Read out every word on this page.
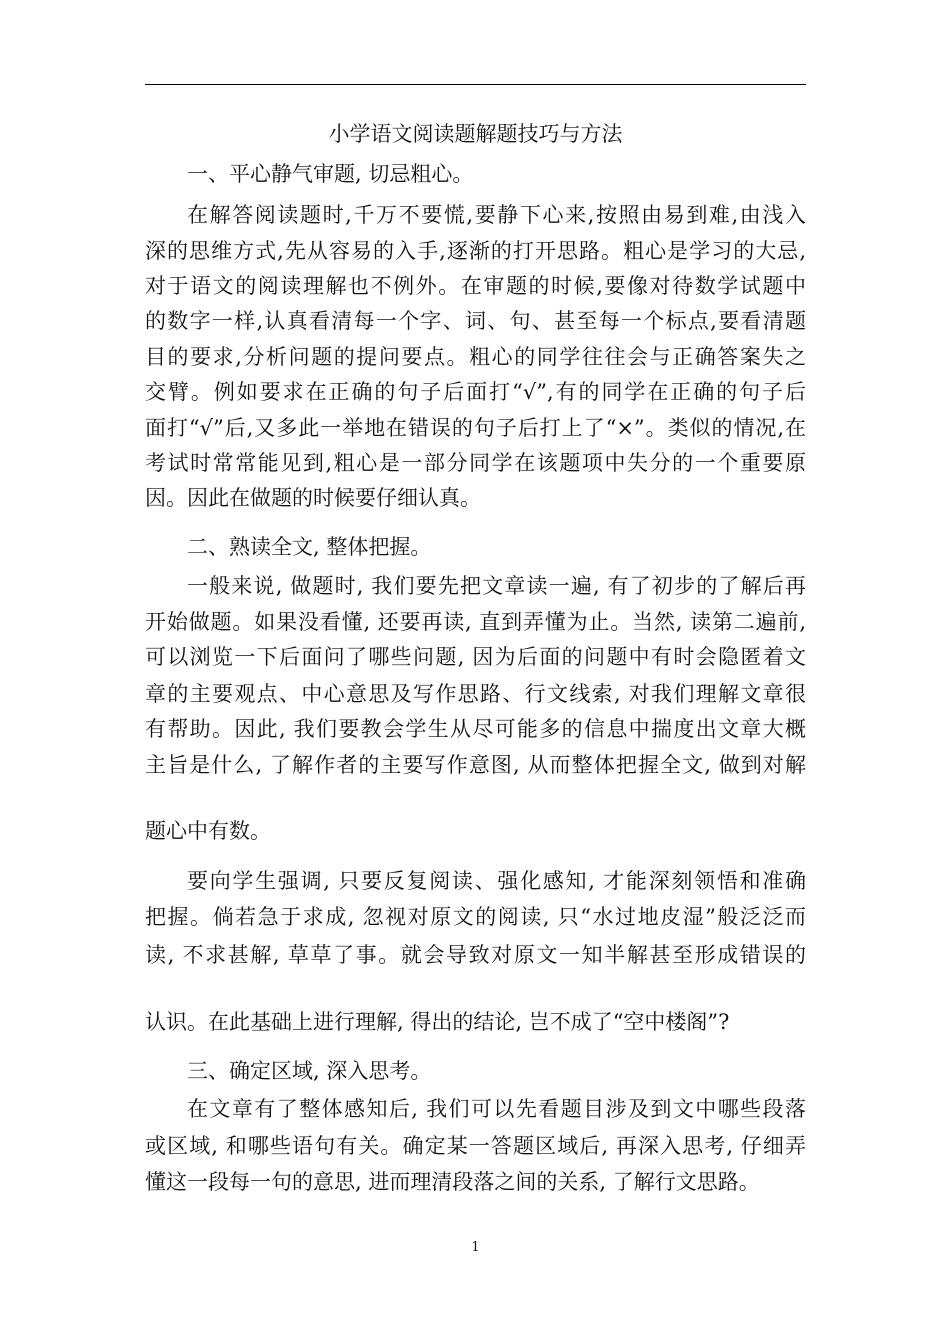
小学语文阅读题解题技巧与方法
一、平心静气审题, 切忌粗心。
在解答阅读题时,千万不要慌,要静下心来,按照由易到难,由浅入
深的思维方式,先从容易的入手,逐渐的打开思路。粗心是学习的大忌,
对于语文的阅读理解也不例外。在审题的时候,要像对待数学试题中
的数字一样,认真看清每一个字、词、句、甚至每一个标点,要看清题
目的要求,分析问题的提问要点。粗心的同学往往会与正确答案失之
交臂。例如要求在正确的句子后面打“√”,有的同学在正确的句子后
面打“√”后,又多此一举地在错误的句子后打上了“×”。类似的情况,在
考试时常常能见到,粗心是一部分同学在该题项中失分的一个重要原
因。因此在做题的时候要仔细认真。
二、熟读全文, 整体把握。
一般来说, 做题时, 我们要先把文章读一遍, 有了初步的了解后再
开始做题。如果没看懂, 还要再读, 直到弄懂为止。当然, 读第二遍前,
可以浏览一下后面问了哪些问题, 因为后面的问题中有时会隐匿着文
章的主要观点、中心意思及写作思路、行文线索, 对我们理解文章很
有帮助。因此, 我们要教会学生从尽可能多的信息中揣度出文章大概
主旨是什么, 了解作者的主要写作意图, 从而整体把握全文, 做到对解
题心中有数。
要向学生强调, 只要反复阅读、强化感知, 才能深刻领悟和准确
把握。倘若急于求成, 忽视对原文的阅读, 只“水过地皮湿”般泛泛而
读, 不求甚解, 草草了事。就会导致对原文一知半解甚至形成错误的
认识。在此基础上进行理解, 得出的结论, 岂不成了“空中楼阁”?
三、确定区域, 深入思考。
在文章有了整体感知后, 我们可以先看题目涉及到文中哪些段落
或区域, 和哪些语句有关。确定某一答题区域后, 再深入思考, 仔细弄
懂这一段每一句的意思, 进而理清段落之间的关系, 了解行文思路。
1
